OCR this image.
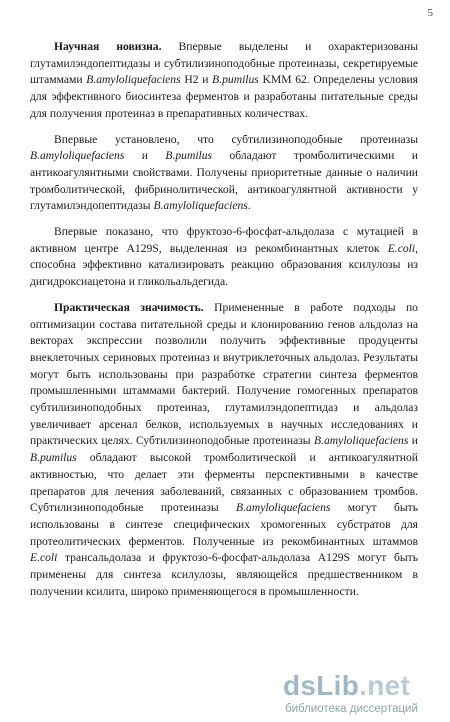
5

Научная новизна. Впервые выделены и охарактеризованы глутамилэндопептидазы и субтилизиноподобные протеиназы, секретируемые штаммами B.amyloliquefaciens H2 и B.pumilus KMM 62. Определены условия для эффективного биосинтеза ферментов и разработаны питательные среды для получения протеиназ в препаративных количествах.

Впервые установлено, что субтилизиноподобные протеиназы B.amyloliquefaciens и B.pumilus обладают тромболитическими и антикоагулянтными свойствами. Получены приоритетные данные о наличии тромболитической, фибринолитической, антикоагулянтной активности у глутамилэндопептидазы B.amyloliquefaciens.

Впервые показано, что фруктозо-6-фосфат-альдолаза с мутацией в активном центре A129S, выделенная из рекомбинантных клеток E.coli, способна эффективно катализировать реакцию образования ксилулозы из дигидроксиацетона и гликольальдегида.

Практическая значимость. Примененные в работе подходы по оптимизации состава питательной среды и клонированию генов альдолаз на векторах экспрессии позволили получить эффективные продуценты внеклеточных сериновых протеиназ и внутриклеточных альдолаз. Результаты могут быть использованы при разработке стратегии синтеза ферментов промышленными штаммами бактерий. Получение гомогенных препаратов субтилизиноподобных протеиназ, глутамилэндопептидаз и альдолаз увеличивает арсенал белков, используемых в научных исследованиях и практических целях. Субтилизиноподобные протеиназы B.amyloliquefaciens и B.pumilus обладают высокой тромболитической и антикоагулянтной активностью, что делает эти ферменты перспективными в качестве препаратов для лечения заболеваний, связанных с образованием тромбов. Субтилизиноподобные протеиназы B.amyloliquefaciens могут быть использованы в синтезе специфических хромогенных субстратов для протеолитических ферментов. Полученные из рекомбинантных штаммов E.coli трансальдолаза и фруктозо-6-фосфат-альдолаза A129S могут быть применены для синтеза ксилулозы, являющейся предшественником в получении ксилита, широко применяющегося в промышленности.

dsLib.net
библиотека диссертаций
